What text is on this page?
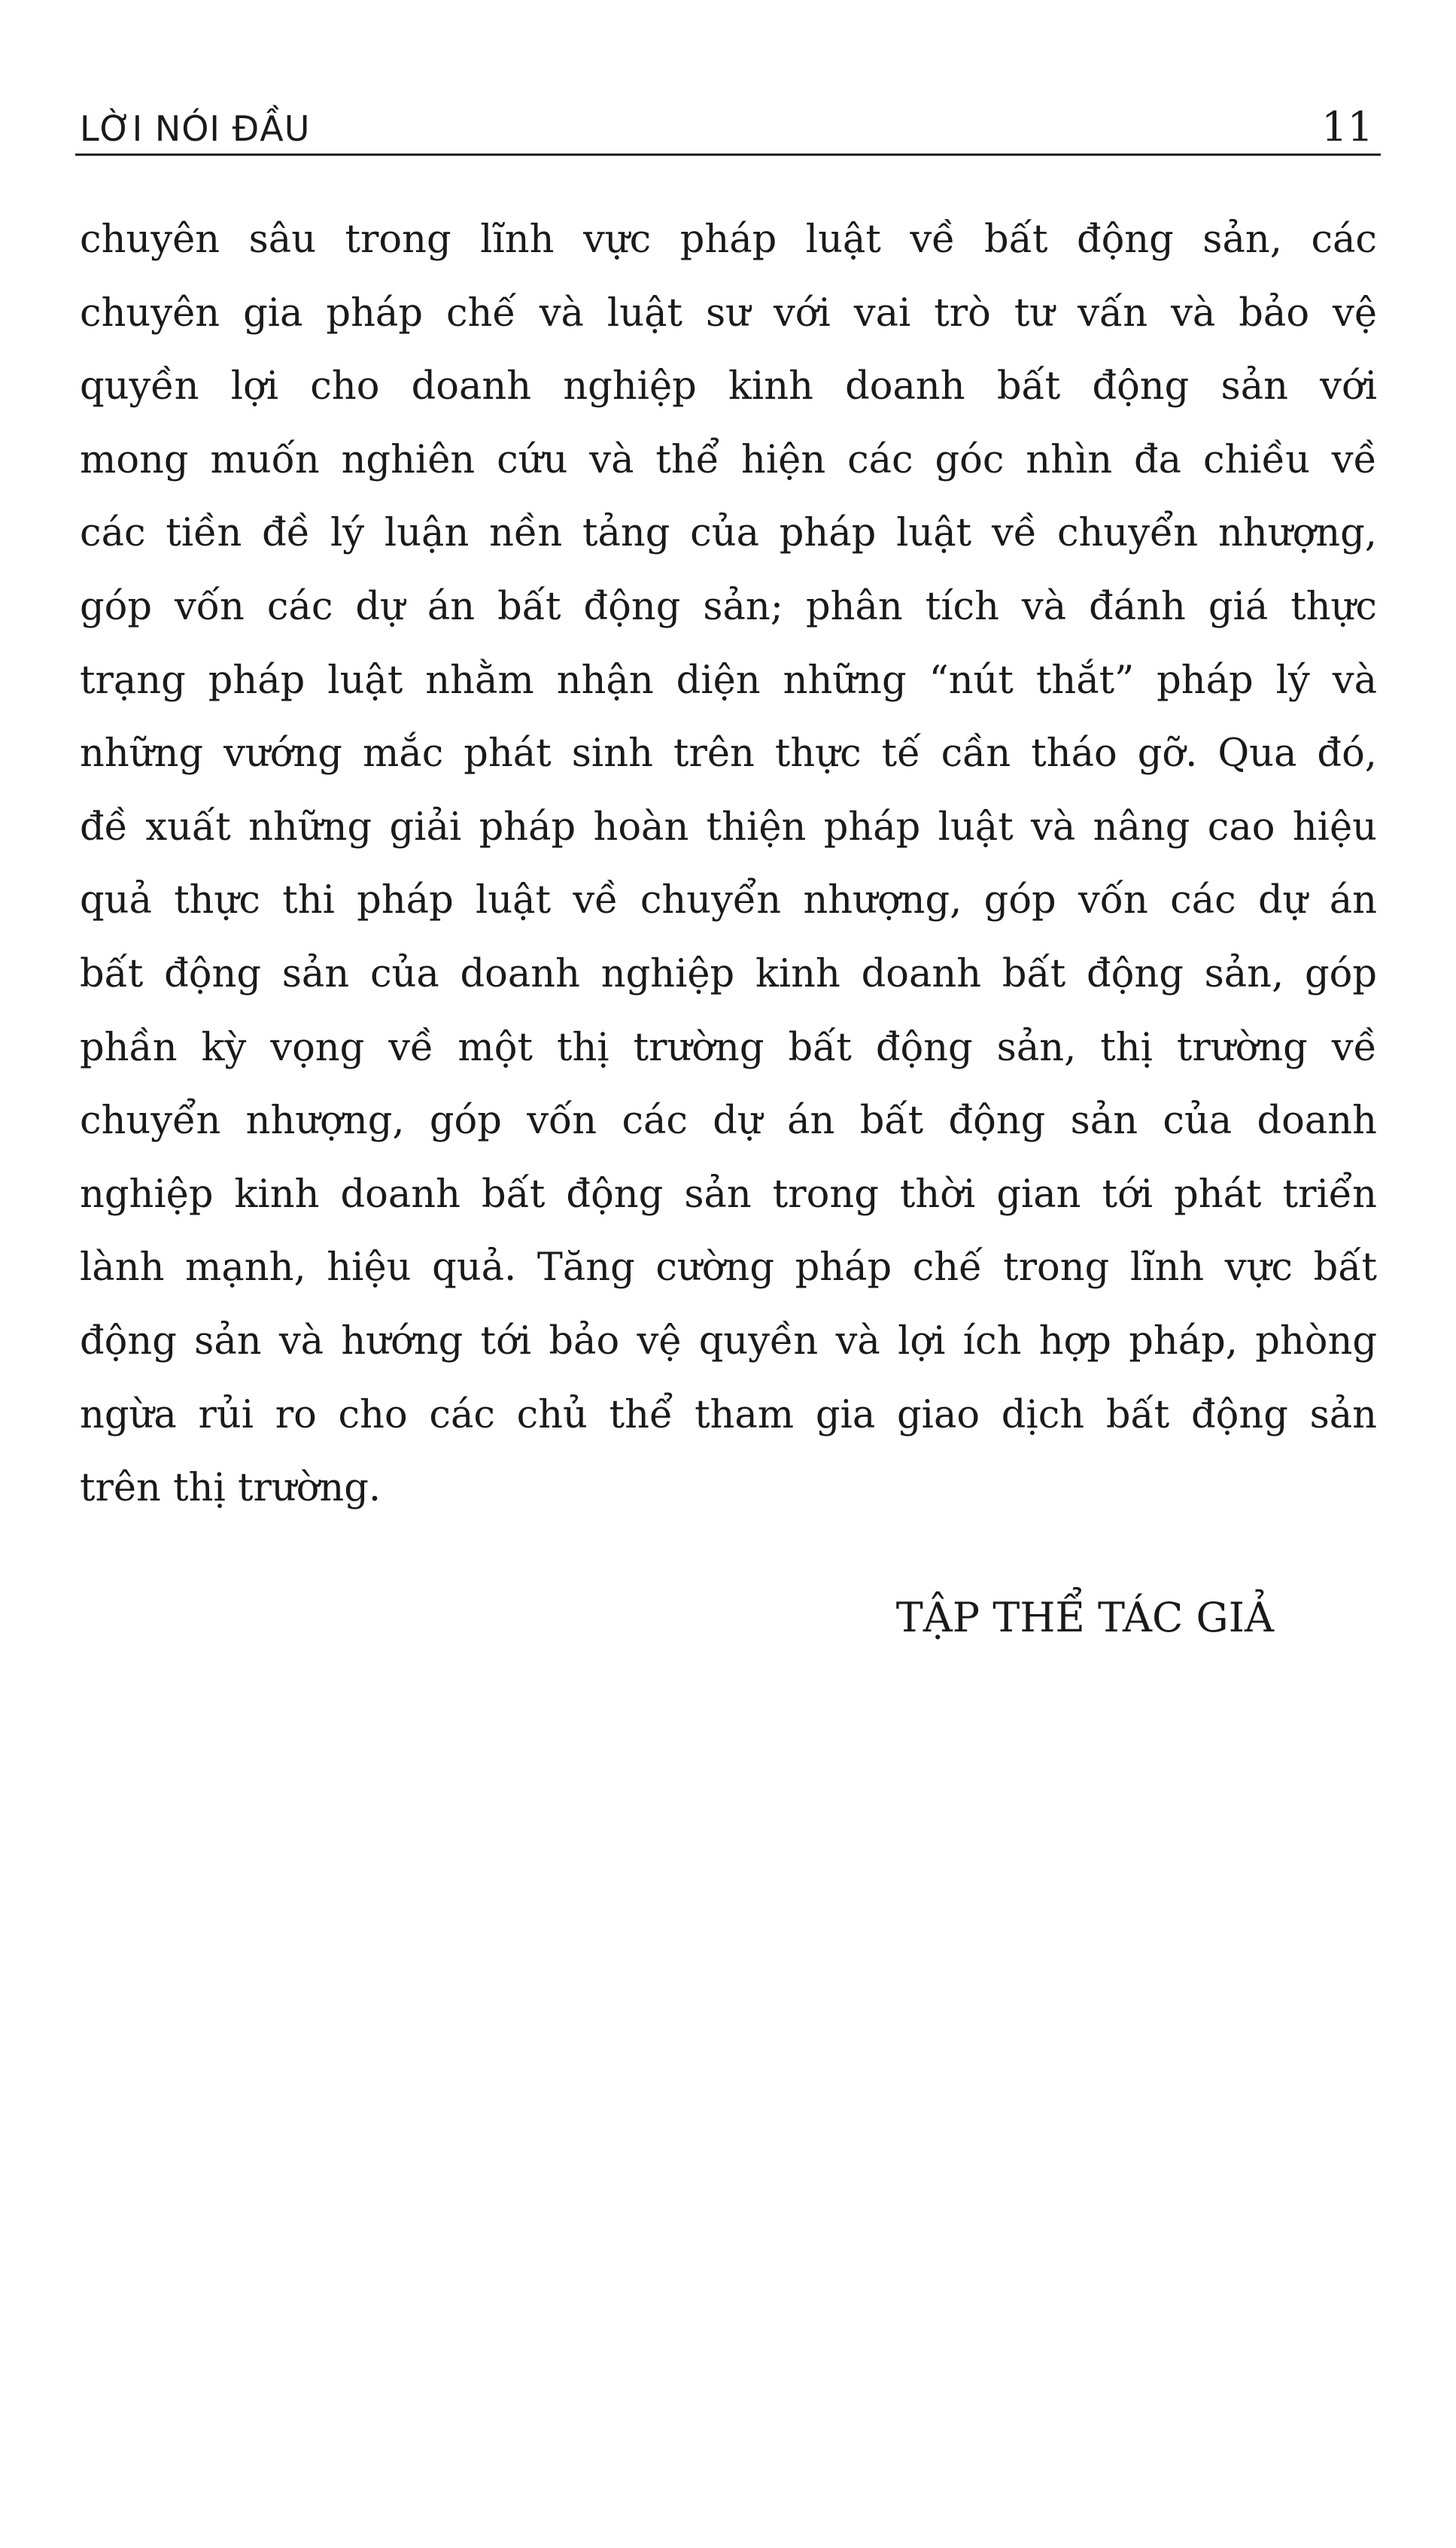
LỜI NÓI ĐẦU	11
chuyên sâu trong lĩnh vực pháp luật về bất động sản, các
chuyên gia pháp chế và luật sư với vai trò tư vấn và bảo vệ
quyền lợi cho doanh nghiệp kinh doanh bất động sản với
mong muốn nghiên cứu và thể hiện các góc nhìn đa chiều về
các tiền đề lý luận nền tảng của pháp luật về chuyển nhượng,
góp vốn các dự án bất động sản; phân tích và đánh giá thực
trạng pháp luật nhằm nhận diện những “nút thắt” pháp lý và
những vướng mắc phát sinh trên thực tế cần tháo gỡ. Qua đó,
đề xuất những giải pháp hoàn thiện pháp luật và nâng cao hiệu
quả thực thi pháp luật về chuyển nhượng, góp vốn các dự án
bất động sản của doanh nghiệp kinh doanh bất động sản, góp
phần kỳ vọng về một thị trường bất động sản, thị trường về
chuyển nhượng, góp vốn các dự án bất động sản của doanh
nghiệp kinh doanh bất động sản trong thời gian tới phát triển
lành mạnh, hiệu quả. Tăng cường pháp chế trong lĩnh vực bất
động sản và hướng tới bảo vệ quyền và lợi ích hợp pháp, phòng
ngừa rủi ro cho các chủ thể tham gia giao dịch bất động sản
trên thị trường.
TẬP THỂ TÁC GIẢ
